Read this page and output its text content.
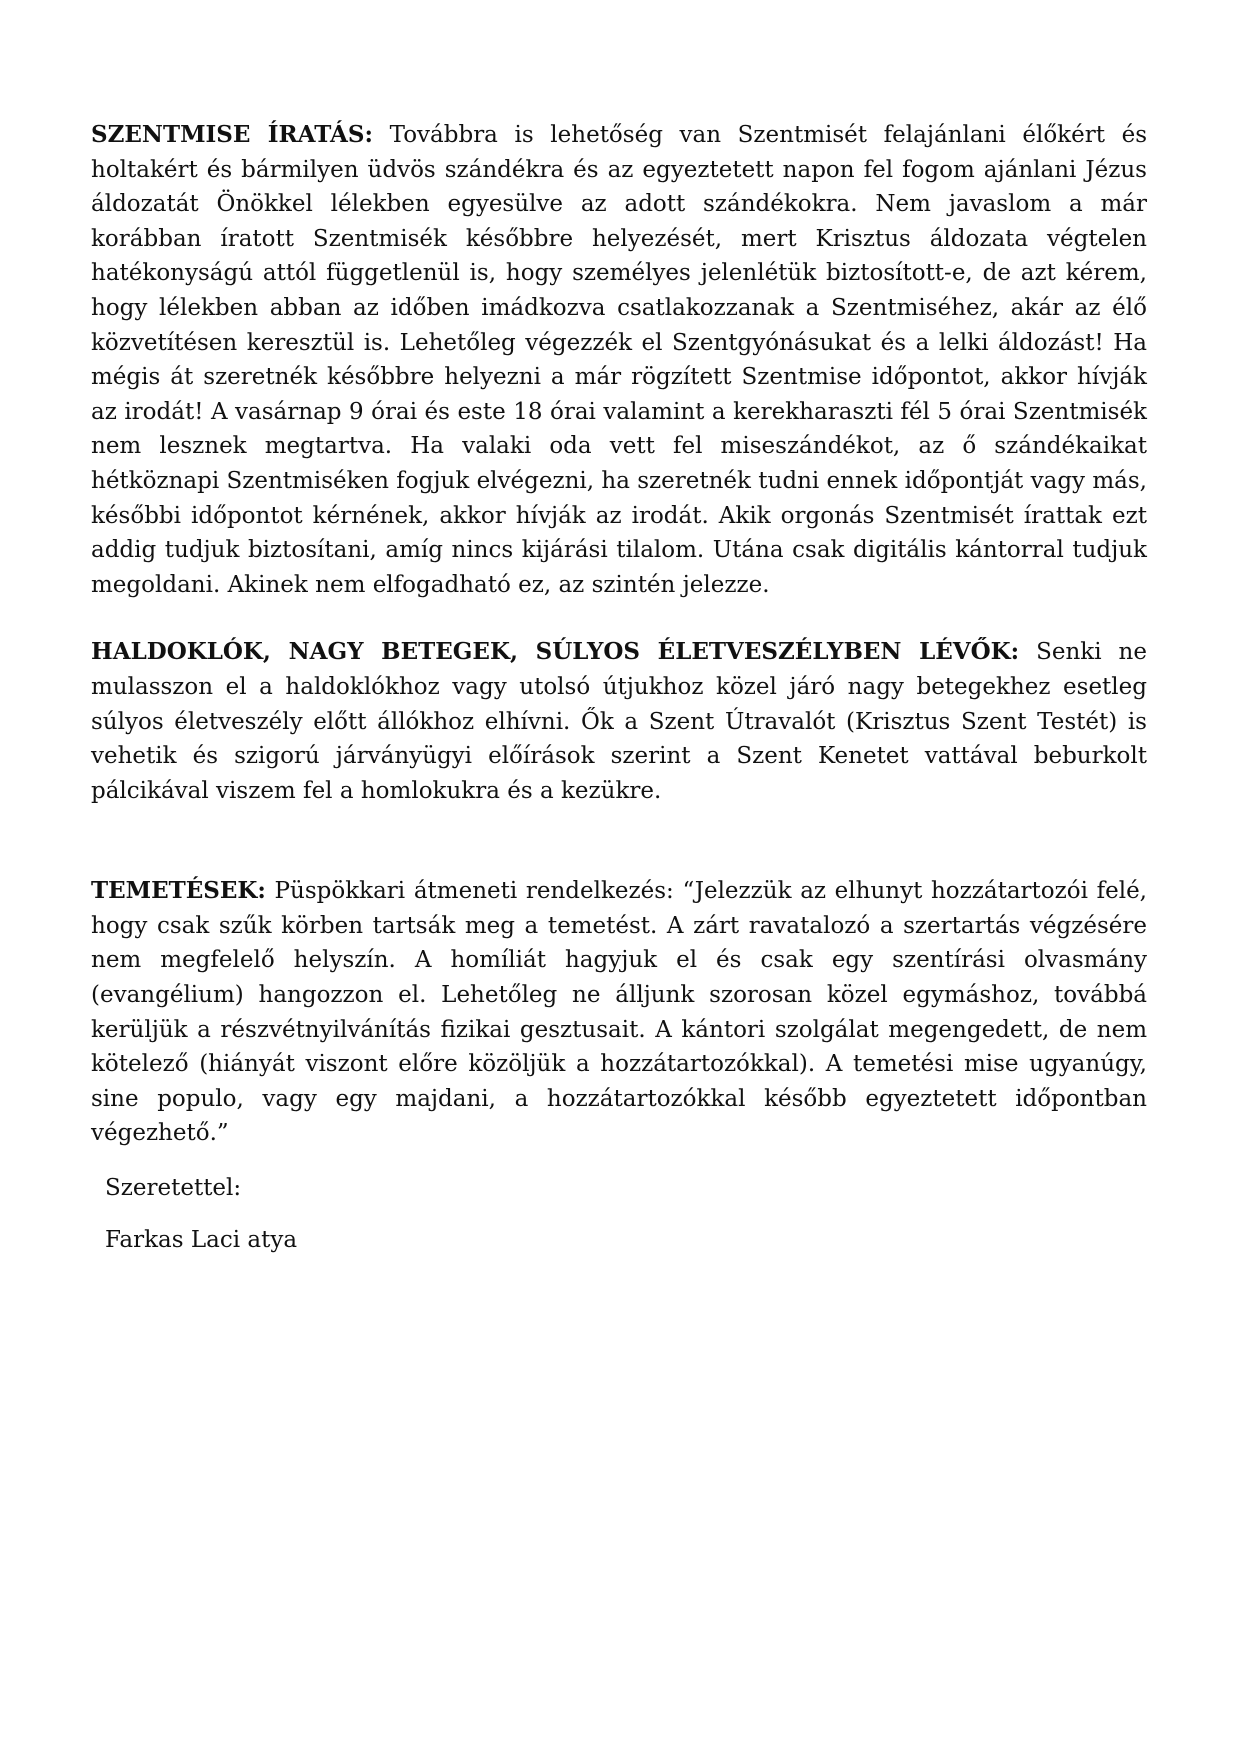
SZENTMISE ÍRATÁS: Továbbra is lehetőség van Szentmisét felajánlani élőkért és holtakért és bármilyen üdvös szándékra és az egyeztetett napon fel fogom ajánlani Jézus áldozatát Önökkel lélekben egyesülve az adott szándékokra. Nem javaslom a már korábban íratott Szentmisék későbbre helyezését, mert Krisztus áldozata végtelen hatékonyságú attól függetlenül is, hogy személyes jelenlétük biztosított-e, de azt kérem, hogy lélekben abban az időben imádkozva csatlakozzanak a Szentmiséhez, akár az élő közvetítésen keresztül is. Lehetőleg végezzék el Szentgyónásukat és a lelki áldozást! Ha mégis át szeretnék későbbre helyezni a már rögzített Szentmise időpontot, akkor hívják az irodát! A vasárnap 9 órai és este 18 órai valamint a kerekharaszti fél 5 órai Szentmisék nem lesznek megtartva. Ha valaki oda vett fel miseszándékot, az ő szándékaikat hétköznapi Szentmiséken fogjuk elvégezni, ha szeretnék tudni ennek időpontját vagy más, későbbi időpontot kérnének, akkor hívják az irodát. Akik orgonás Szentmisét írattak ezt addig tudjuk biztosítani, amíg nincs kijárási tilalom. Utána csak digitális kántorral tudjuk megoldani. Akinek nem elfogadható ez, az szintén jelezze.

HALDOKLÓK, NAGY BETEGEK, SÚLYOS ÉLETVESZÉLYBEN LÉVŐK: Senki ne mulasszon el a haldoklókhoz vagy utolsó útjukhoz közel járó nagy betegekhez esetleg súlyos életveszély előtt állókhoz elhívni. Ők a Szent Útravalót (Krisztus Szent Testét) is vehetik és szigorú járványügyi előírások szerint a Szent Kenetet vattával beburkolt pálcikával viszem fel a homlokukra és a kezükre.

TEMETÉSEK: Püspökkari átmeneti rendelkezés: “Jelezzük az elhunyt hozzátartozói felé, hogy csak szűk körben tartsák meg a temetést. A zárt ravatalozó a szertartás végzésére nem megfelelő helyszín. A homíliát hagyjuk el és csak egy szentírási olvasmány (evangélium) hangozzon el. Lehetőleg ne álljunk szorosan közel egymáshoz, továbbá kerüljük a részvétnyilvánítás fizikai gesztusait. A kántori szolgálat megengedett, de nem kötelező (hiányát viszont előre közöljük a hozzátartozókkal). A temetési mise ugyanúgy, sine populo, vagy egy majdani, a hozzátartozókkal később egyeztetett időpontban végezhető.”

Szeretettel:

Farkas Laci atya
